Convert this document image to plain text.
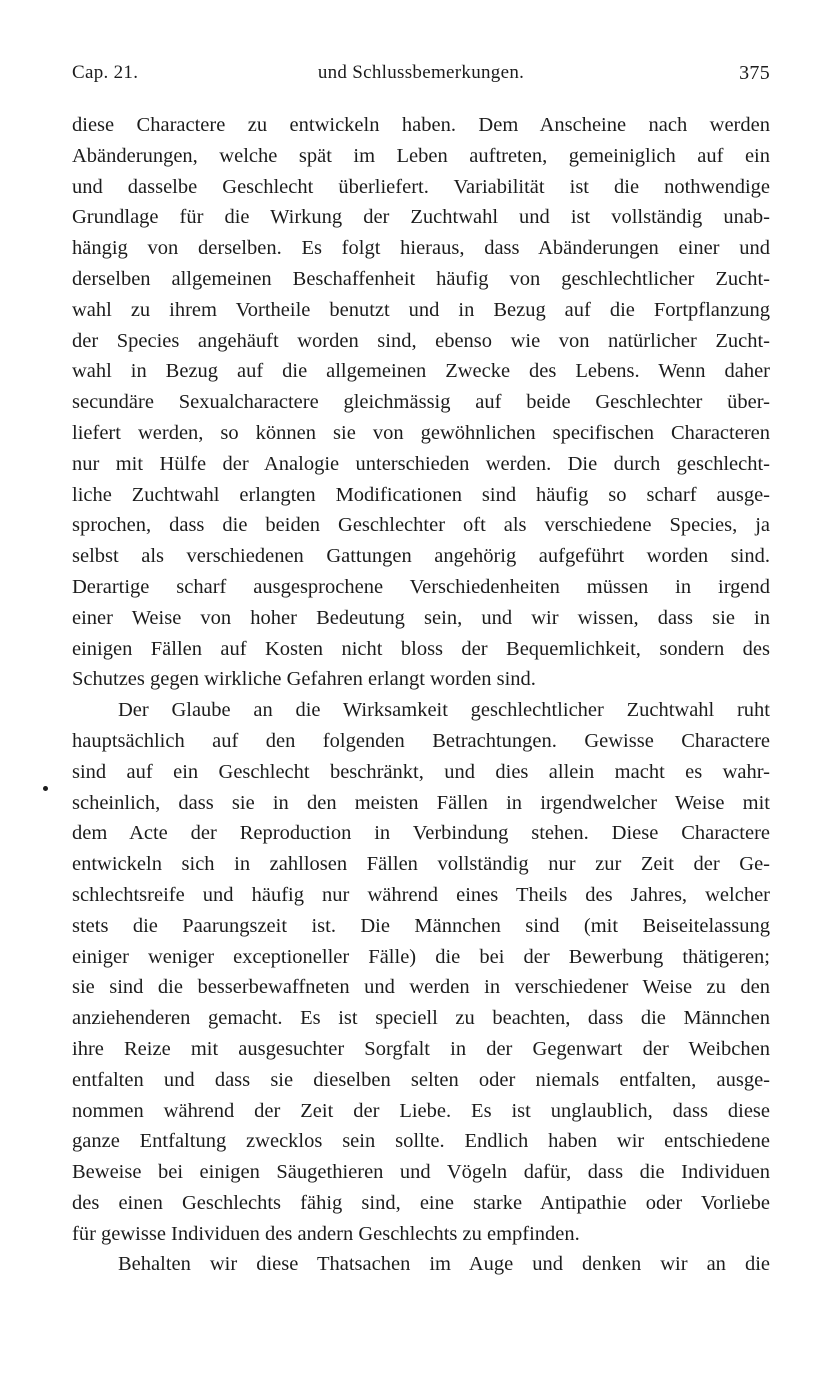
Cap. 21.	und Schlussbemerkungen.	375
diese Charactere zu entwickeln haben. Dem Anscheine nach werden
Abänderungen, welche spät im Leben auftreten, gemeiniglich auf ein
und dasselbe Geschlecht überliefert. Variabilität ist die nothwendige
Grundlage für die Wirkung der Zuchtwahl und ist vollständig unab-
hängig von derselben. Es folgt hieraus, dass Abänderungen einer und
derselben allgemeinen Beschaffenheit häufig von geschlechtlicher Zucht-
wahl zu ihrem Vortheile benutzt und in Bezug auf die Fortpflanzung
der Species angehäuft worden sind, ebenso wie von natürlicher Zucht-
wahl in Bezug auf die allgemeinen Zwecke des Lebens. Wenn daher
secundäre Sexualcharactere gleichmässig auf beide Geschlechter über-
liefert werden, so können sie von gewöhnlichen specifischen Characteren
nur mit Hülfe der Analogie unterschieden werden. Die durch geschlecht-
liche Zuchtwahl erlangten Modificationen sind häufig so scharf ausge-
sprochen, dass die beiden Geschlechter oft als verschiedene Species, ja
selbst als verschiedenen Gattungen angehörig aufgeführt worden sind.
Derartige scharf ausgesprochene Verschiedenheiten müssen in irgend
einer Weise von hoher Bedeutung sein, und wir wissen, dass sie in
einigen Fällen auf Kosten nicht bloss der Bequemlichkeit, sondern des
Schutzes gegen wirkliche Gefahren erlangt worden sind.
Der Glaube an die Wirksamkeit geschlechtlicher Zuchtwahl ruht
hauptsächlich auf den folgenden Betrachtungen. Gewisse Charactere
sind auf ein Geschlecht beschränkt, und dies allein macht es wahr-
scheinlich, dass sie in den meisten Fällen in irgendwelcher Weise mit
dem Acte der Reproduction in Verbindung stehen. Diese Charactere
entwickeln sich in zahllosen Fällen vollständig nur zur Zeit der Ge-
schlechtsreife und häufig nur während eines Theils des Jahres, welcher
stets die Paarungszeit ist. Die Männchen sind (mit Beiseitelassung
einiger weniger exceptioneller Fälle) die bei der Bewerbung thätigeren;
sie sind die besserbewaffneten und werden in verschiedener Weise zu den
anziehenderen gemacht. Es ist speciell zu beachten, dass die Männchen
ihre Reize mit ausgesuchter Sorgfalt in der Gegenwart der Weibchen
entfalten und dass sie dieselben selten oder niemals entfalten, ausge-
nommen während der Zeit der Liebe. Es ist unglaublich, dass diese
ganze Entfaltung zwecklos sein sollte. Endlich haben wir entschiedene
Beweise bei einigen Säugethieren und Vögeln dafür, dass die Individuen
des einen Geschlechts fähig sind, eine starke Antipathie oder Vorliebe
für gewisse Individuen des andern Geschlechts zu empfinden.
Behalten wir diese Thatsachen im Auge und denken wir an die
